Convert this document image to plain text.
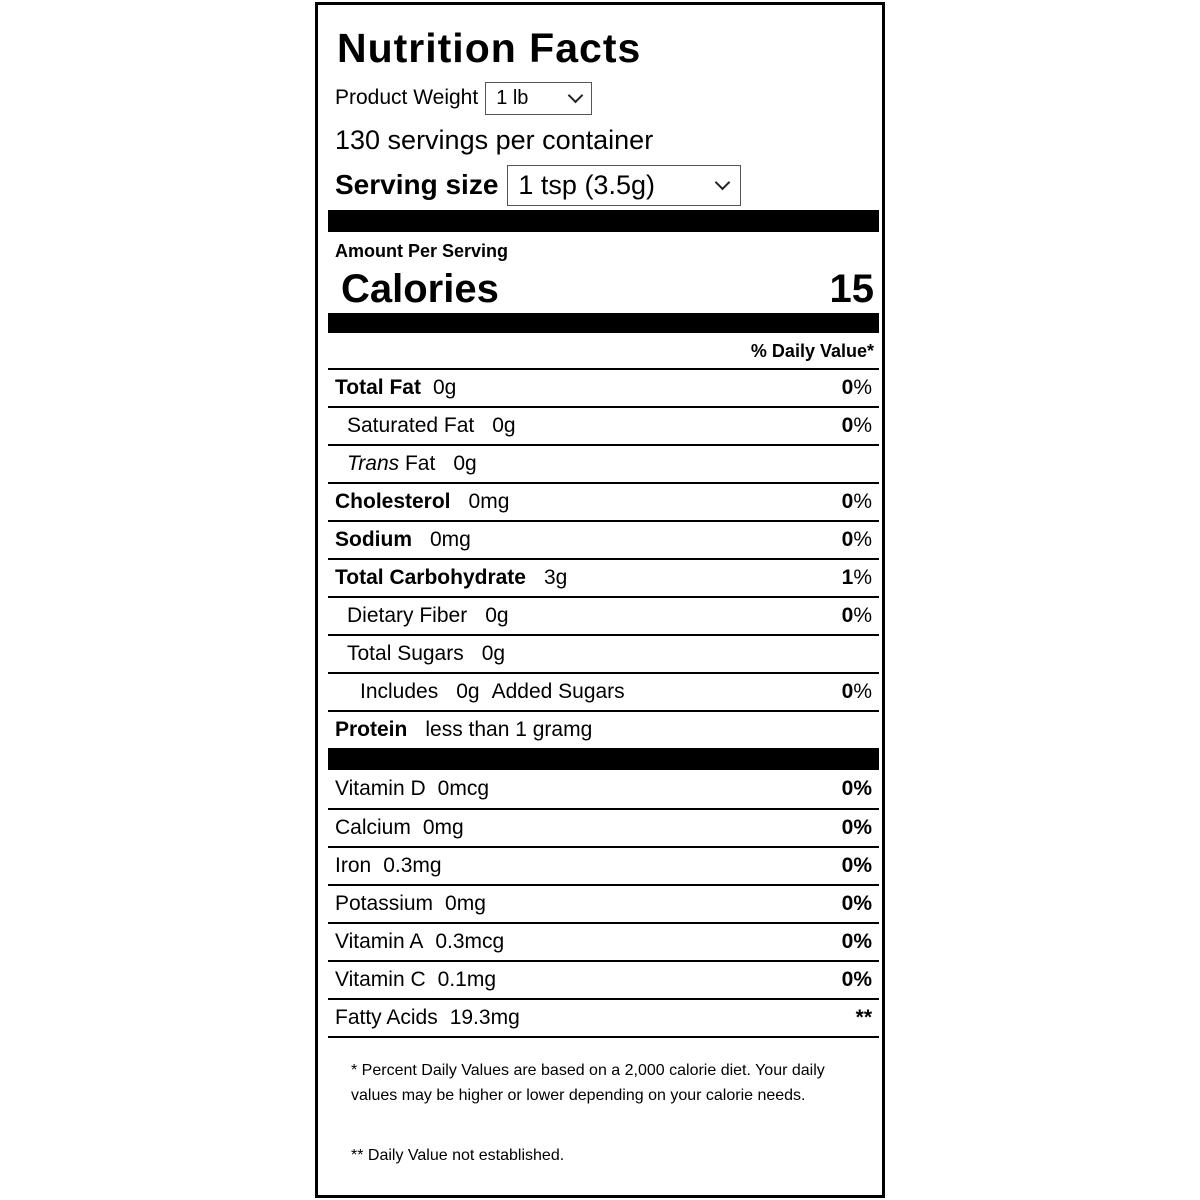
Nutrition Facts
Product Weight 1 lb
130 servings per container
Serving size 1 tsp (3.5g)
Amount Per Serving
Calories	15
% Daily Value*
Total Fat 0g	0%
Saturated Fat 0g	0%
Trans Fat 0g
Cholesterol 0mg	0%
Sodium 0mg	0%
Total Carbohydrate 3g	1%
Dietary Fiber 0g	0%
Total Sugars 0g
Includes 0g Added Sugars	0%
Protein less than 1 gramg
Vitamin D 0mcg	0%
Calcium 0mg	0%
Iron 0.3mg	0%
Potassium 0mg	0%
Vitamin A 0.3mcg	0%
Vitamin C 0.1mg	0%
Fatty Acids 19.3mg	**
* Percent Daily Values are based on a 2,000 calorie diet. Your daily values may be higher or lower depending on your calorie needs.
** Daily Value not established.
